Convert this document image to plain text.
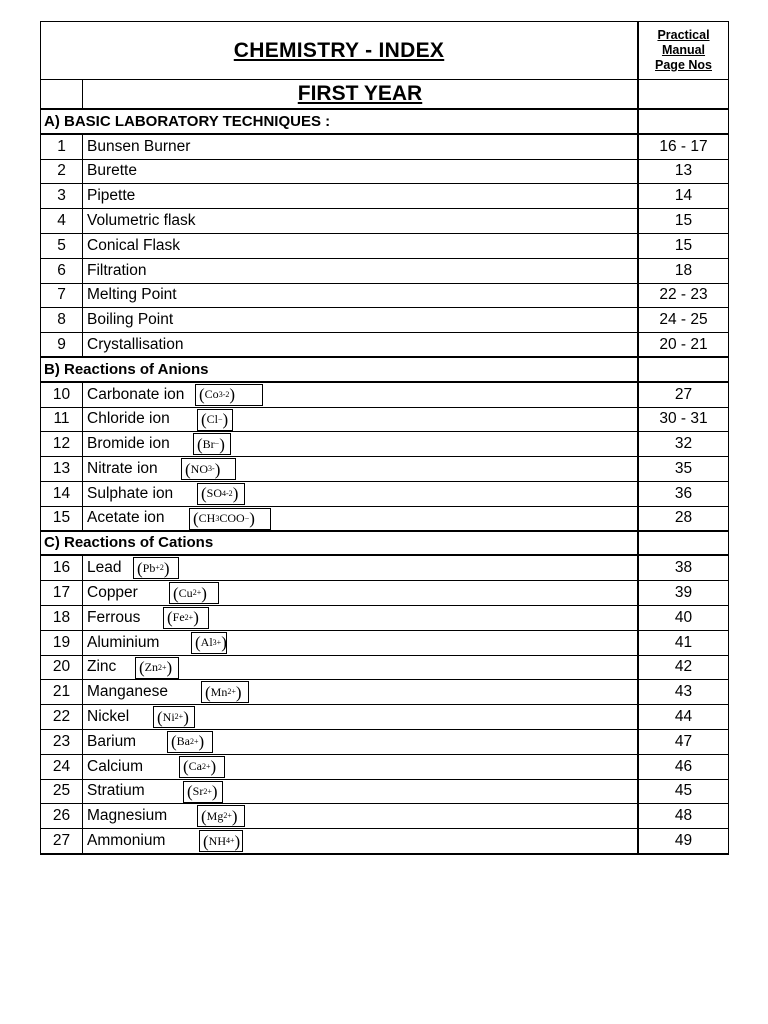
CHEMISTRY - INDEX
Practical
Manual
Page Nos
FIRST YEAR
A) BASIC LABORATORY TECHNIQUES :
1	Bunsen Burner	16 - 17
2	Burette	13
3	Pipette	14
4	Volumetric flask	15
5	Conical Flask	15
6	Filtration	18
7	Melting Point	22 - 23
8	Boiling Point	24 - 25
9	Crystallisation	20 - 21
B) Reactions of Anions
10	Carbonate ion ( Co 3 -2 )	27
11	Chloride ion ( Cl − )	30 - 31
12	Bromide ion ( Br − )	32
13	Nitrate ion ( NO 3 - )	35
14	Sulphate ion ( SO 4 -2 )	36
15	Acetate ion ( CH 3 COO − )	28
C) Reactions of Cations
16	Lead ( Pb +2 )	38
17	Copper ( Cu 2+ )	39
18	Ferrous ( Fe 2+ )	40
19	Aluminium ( Al 3 + )	41
20	Zinc ( Zn 2+ )	42
21	Manganese ( Mn 2+ )	43
22	Nickel ( Ni 2+ )	44
23	Barium ( Ba 2+ )	47
24	Calcium ( Ca 2+ )	46
25	Stratium ( Sr 2+ )	45
26	Magnesium ( Mg 2+ )	48
27	Ammonium ( NH 4 + )	49
